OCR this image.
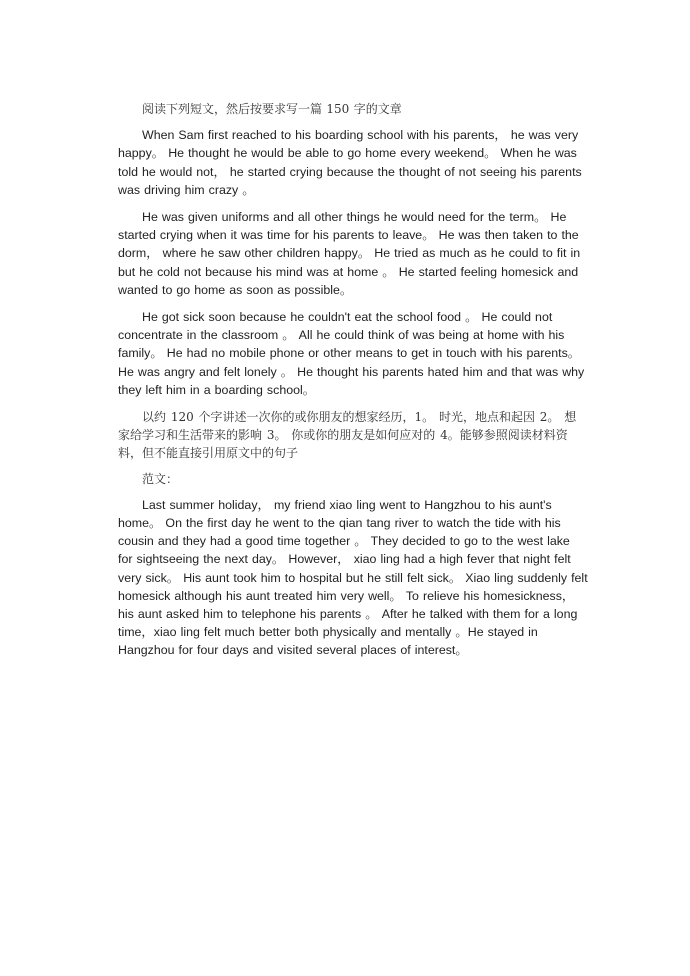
阅读下列短文，然后按要求写一篇 150 字的文章

When Sam first reached to his boarding school with his parents， he was very happy。 He thought he would be able to go home every weekend。 When he was told he would not， he started crying because the thought of not seeing his parents was driving him crazy 。

He was given uniforms and all other things he would need for the term。 He started crying when it was time for his parents to leave。 He was then taken to the dorm， where he saw other children happy。 He tried as much as he could to fit in but he cold not because his mind was at home 。 He started feeling homesick and wanted to go home as soon as possible。

He got sick soon because he couldn't eat the school food 。 He could not concentrate in the classroom 。 All he could think of was being at home with his family。 He had no mobile phone or other means to get in touch with his parents。 He was angry and felt lonely 。 He thought his parents hated him and that was why they left him in a boarding school。

以约 120 个字讲述一次你的或你朋友的想家经历，1。 时光，地点和起因 2。 想家给学习和生活带来的影响 3。 你或你的朋友是如何应对的 4。能够参照阅读材料资料，但不能直接引用原文中的句子

范文：

Last summer holiday， my friend xiao ling went to Hangzhou to his aunt's home。 On the first day he went to the qian tang river to watch the tide with his cousin and they had a good time together 。 They decided to go to the west lake for sightseeing the next day。 However， xiao ling had a high fever that night felt very sick。 His aunt took him to hospital but he still felt sick。 Xiao ling suddenly felt homesick although his aunt treated him very well。 To relieve his homesickness， his aunt asked him to telephone his parents 。 After he talked with them for a long time，xiao ling felt much better both physically and mentally 。He stayed in Hangzhou for four days and visited several places of interest。
